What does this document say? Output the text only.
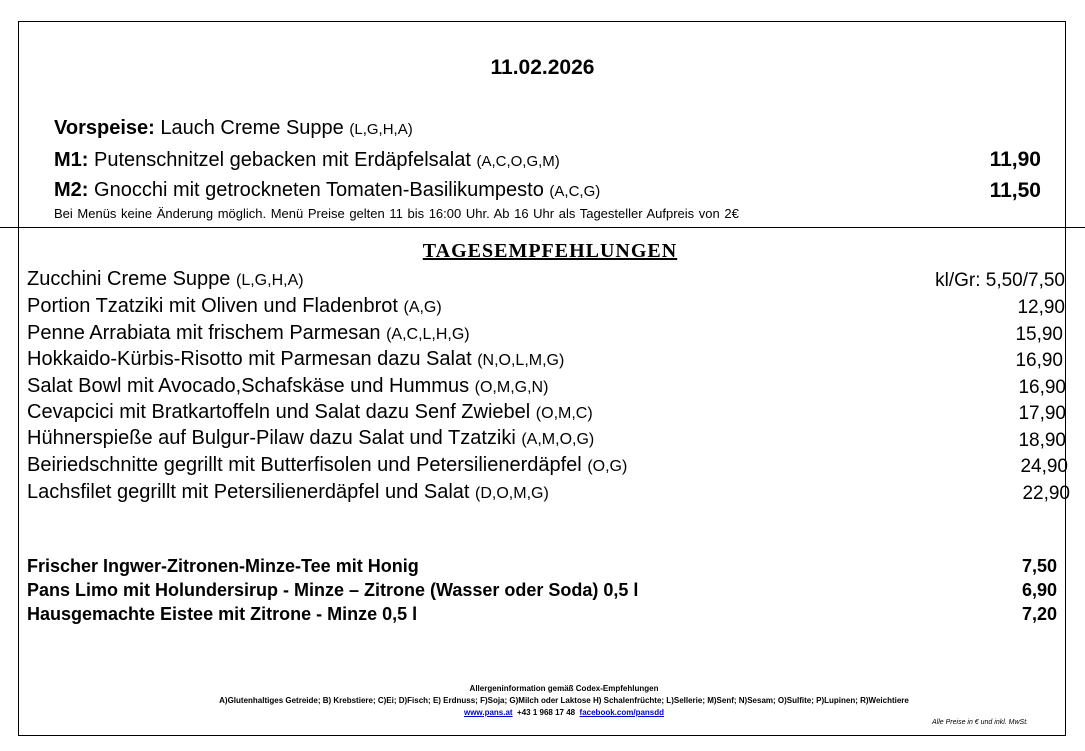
11.02.2026
Vorspeise: Lauch Creme Suppe (L,G,H,A)
M1: Putenschnitzel gebacken mit Erdäpfelsalat (A,C,O,G,M)	11,90
M2: Gnocchi mit getrockneten Tomaten-Basilikumpesto (A,C,G)	11,50
Bei Menüs keine Änderung möglich. Menü Preise gelten 11 bis 16:00 Uhr. Ab 16 Uhr als Tagesteller Aufpreis von 2€
TAGESEMPFEHLUNGEN
Zucchini Creme Suppe (L,G,H,A)	kl/Gr: 5,50/7,50
Portion Tzatziki mit Oliven und Fladenbrot (A,G)	12,90
Penne Arrabiata mit frischem Parmesan (A,C,L,H,G)	15,90
Hokkaido-Kürbis-Risotto mit Parmesan dazu Salat (N,O,L,M,G)	16,90
Salat Bowl mit Avocado,Schafskäse und Hummus (O,M,G,N)	16,90
Cevapcici mit Bratkartoffeln und Salat dazu Senf Zwiebel (O,M,C)	17,90
Hühnerspieße auf Bulgur-Pilaw dazu Salat und Tzatziki (A,M,O,G)	18,90
Beiriedschnitte gegrillt mit Butterfisolen und Petersilienerdäpfel (O,G)	24,90
Lachsfilet gegrillt mit Petersilienerdäpfel und Salat (D,O,M,G)	22,90
Frischer Ingwer-Zitronen-Minze-Tee mit Honig	7,50
Pans Limo mit Holundersirup - Minze – Zitrone (Wasser oder Soda) 0,5 l	6,90
Hausgemachte Eistee mit Zitrone - Minze 0,5 l	7,20
Allergeninformation gemäß Codex-Empfehlungen
A)Glutenhaltiges Getreide; B) Krebstiere; C)Ei; D)Fisch; E) Erdnuss; F)Soja; G)Milch oder Laktose H) Schalenfrüchte; L)Sellerie; M)Senf; N)Sesam; O)Sulfite; P)Lupinen; R)Weichtiere
www.pans.at +43 1 968 17 48 facebook.com/pansdd
Alle Preise in € und inkl. MwSt.
